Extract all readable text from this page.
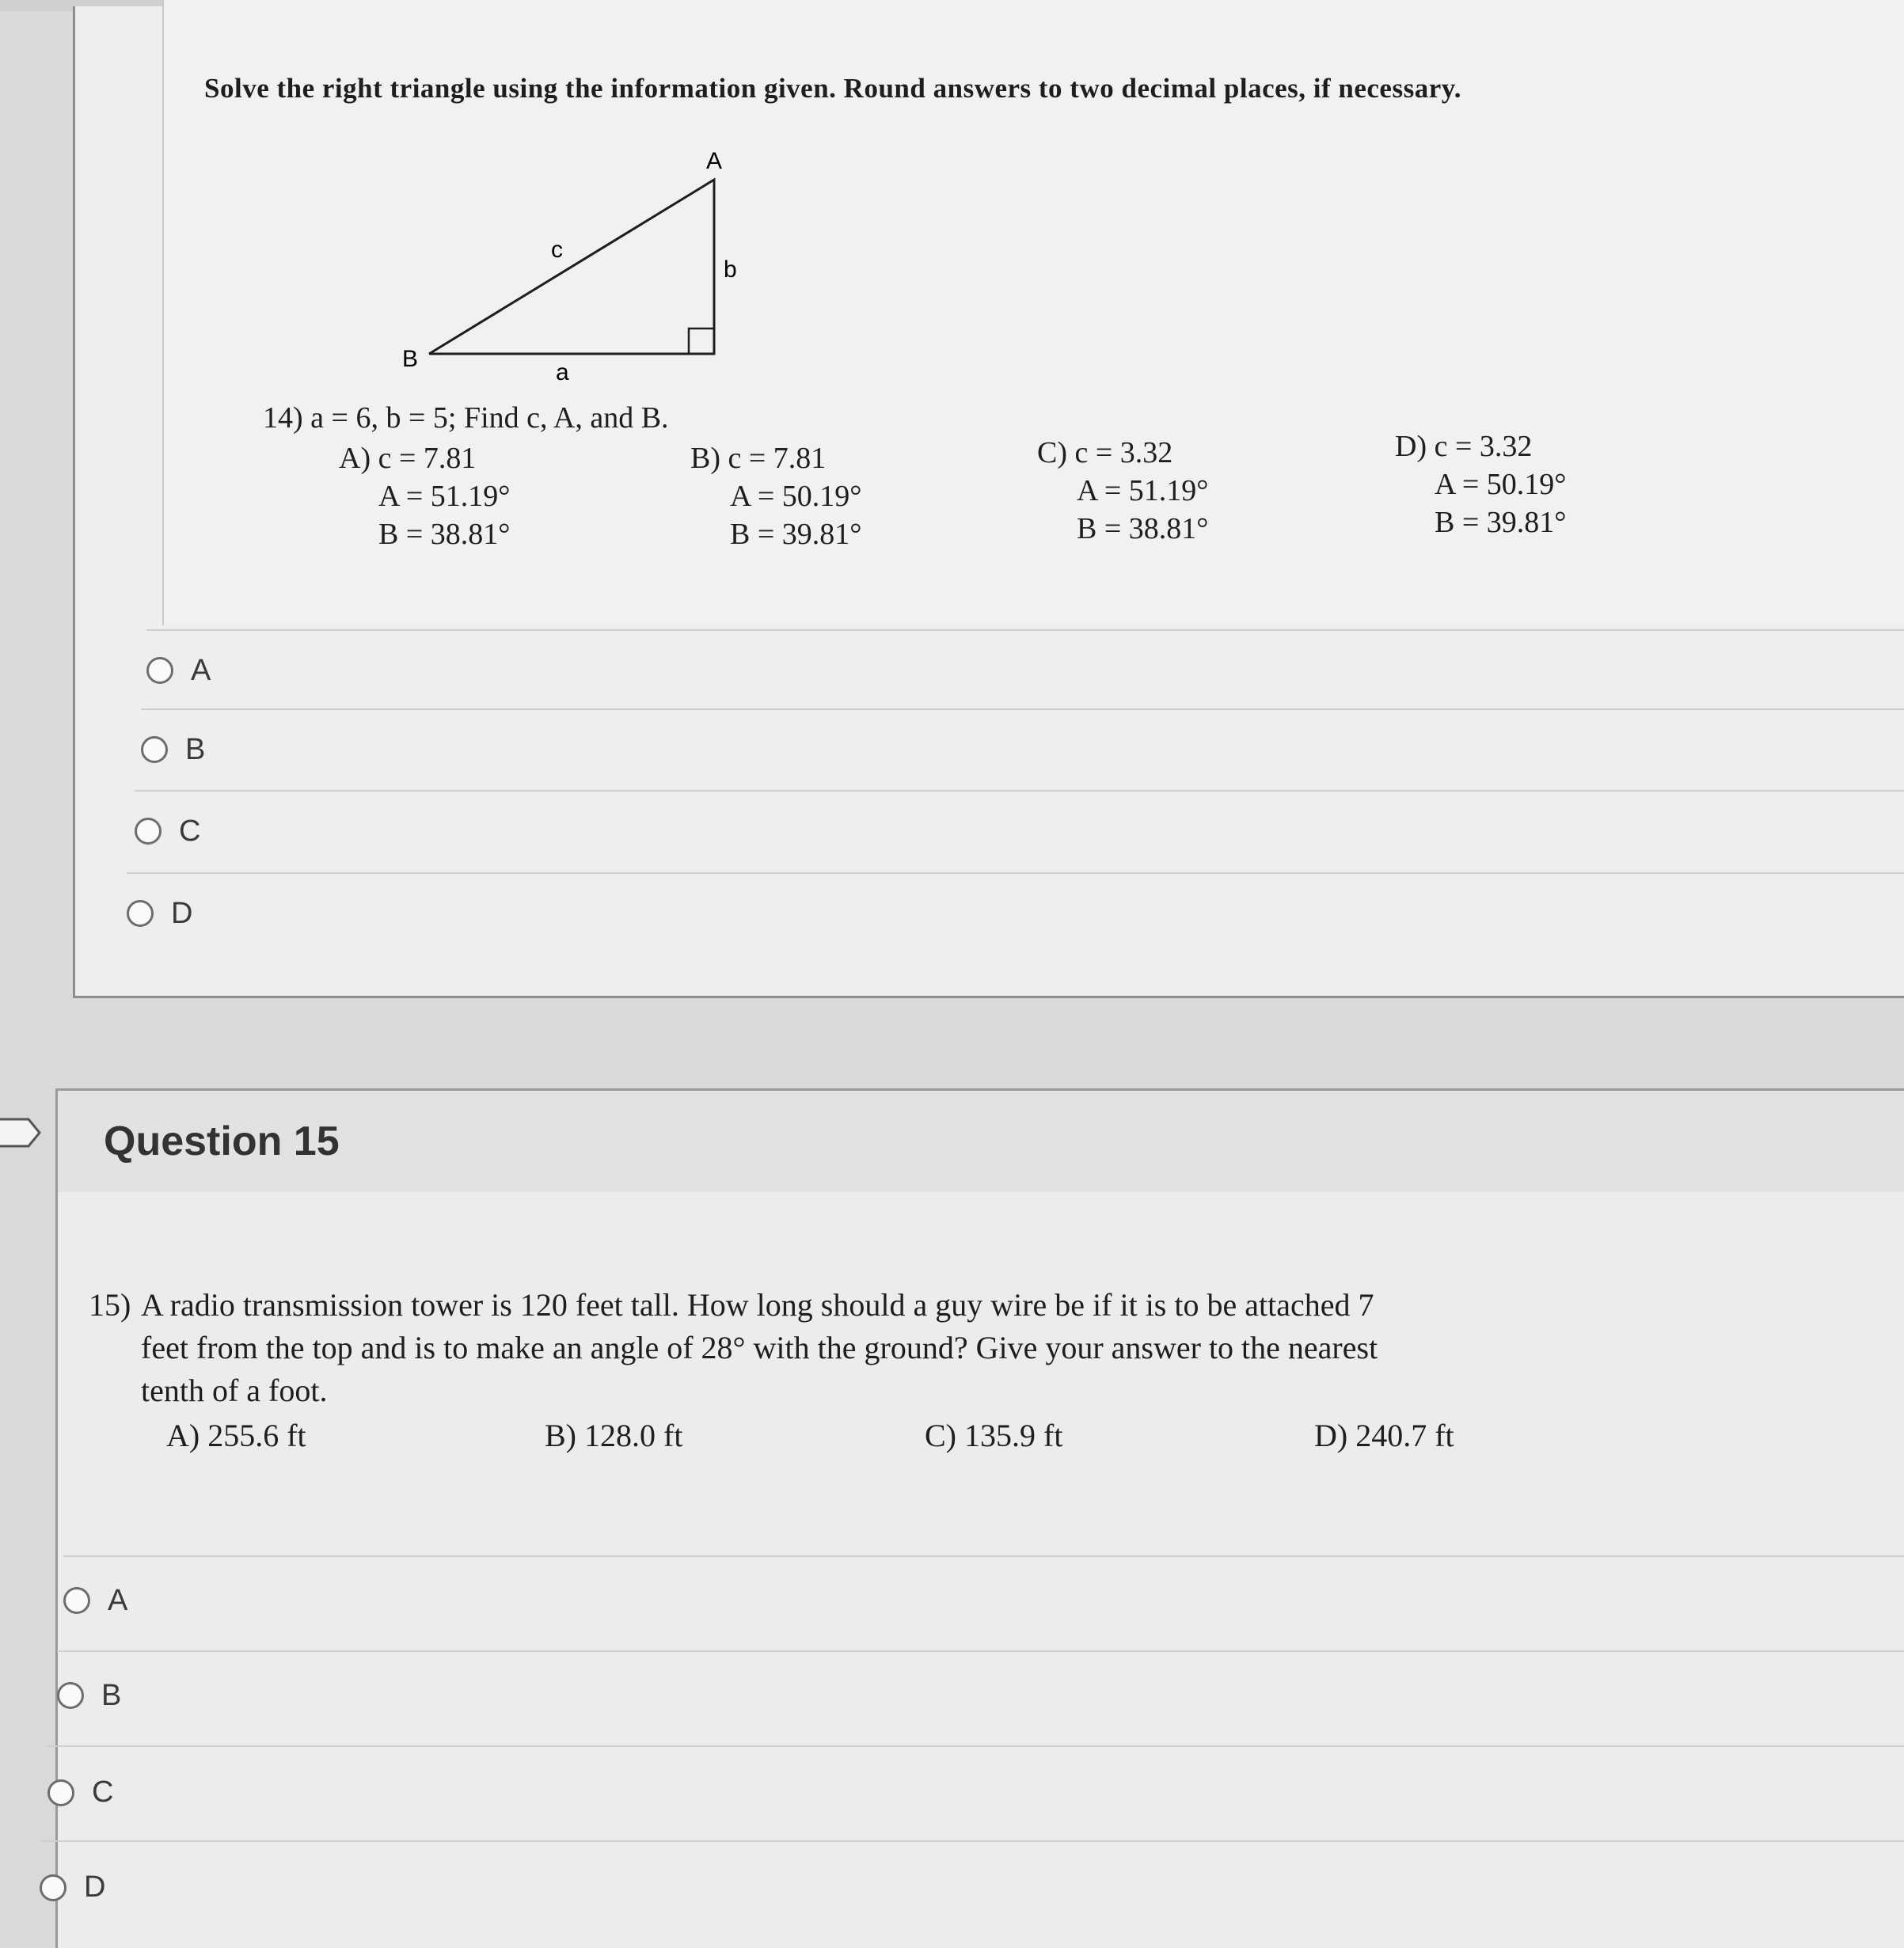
Solve the right triangle using the information given. Round answers to two decimal places, if necessary.

A
B
a
b
c

14) a = 6, b = 5; Find c, A, and B.

A) c = 7.81
A = 51.19°
B = 38.81°
B) c = 7.81
A = 50.19°
B = 39.81°
C) c = 3.32
A = 51.19°
B = 38.81°
D) c = 3.32
A = 50.19°
B = 39.81°
A
B
C
D

Question 15

15) A radio transmission tower is 120 feet tall. How long should a guy wire be if it is to be attached 7
feet from the top and is to make an angle of 28° with the ground? Give your answer to the nearest
tenth of a foot.
A) 255.6 ft	B) 128.0 ft	C) 135.9 ft	D) 240.7 ft
A
B
C
D
